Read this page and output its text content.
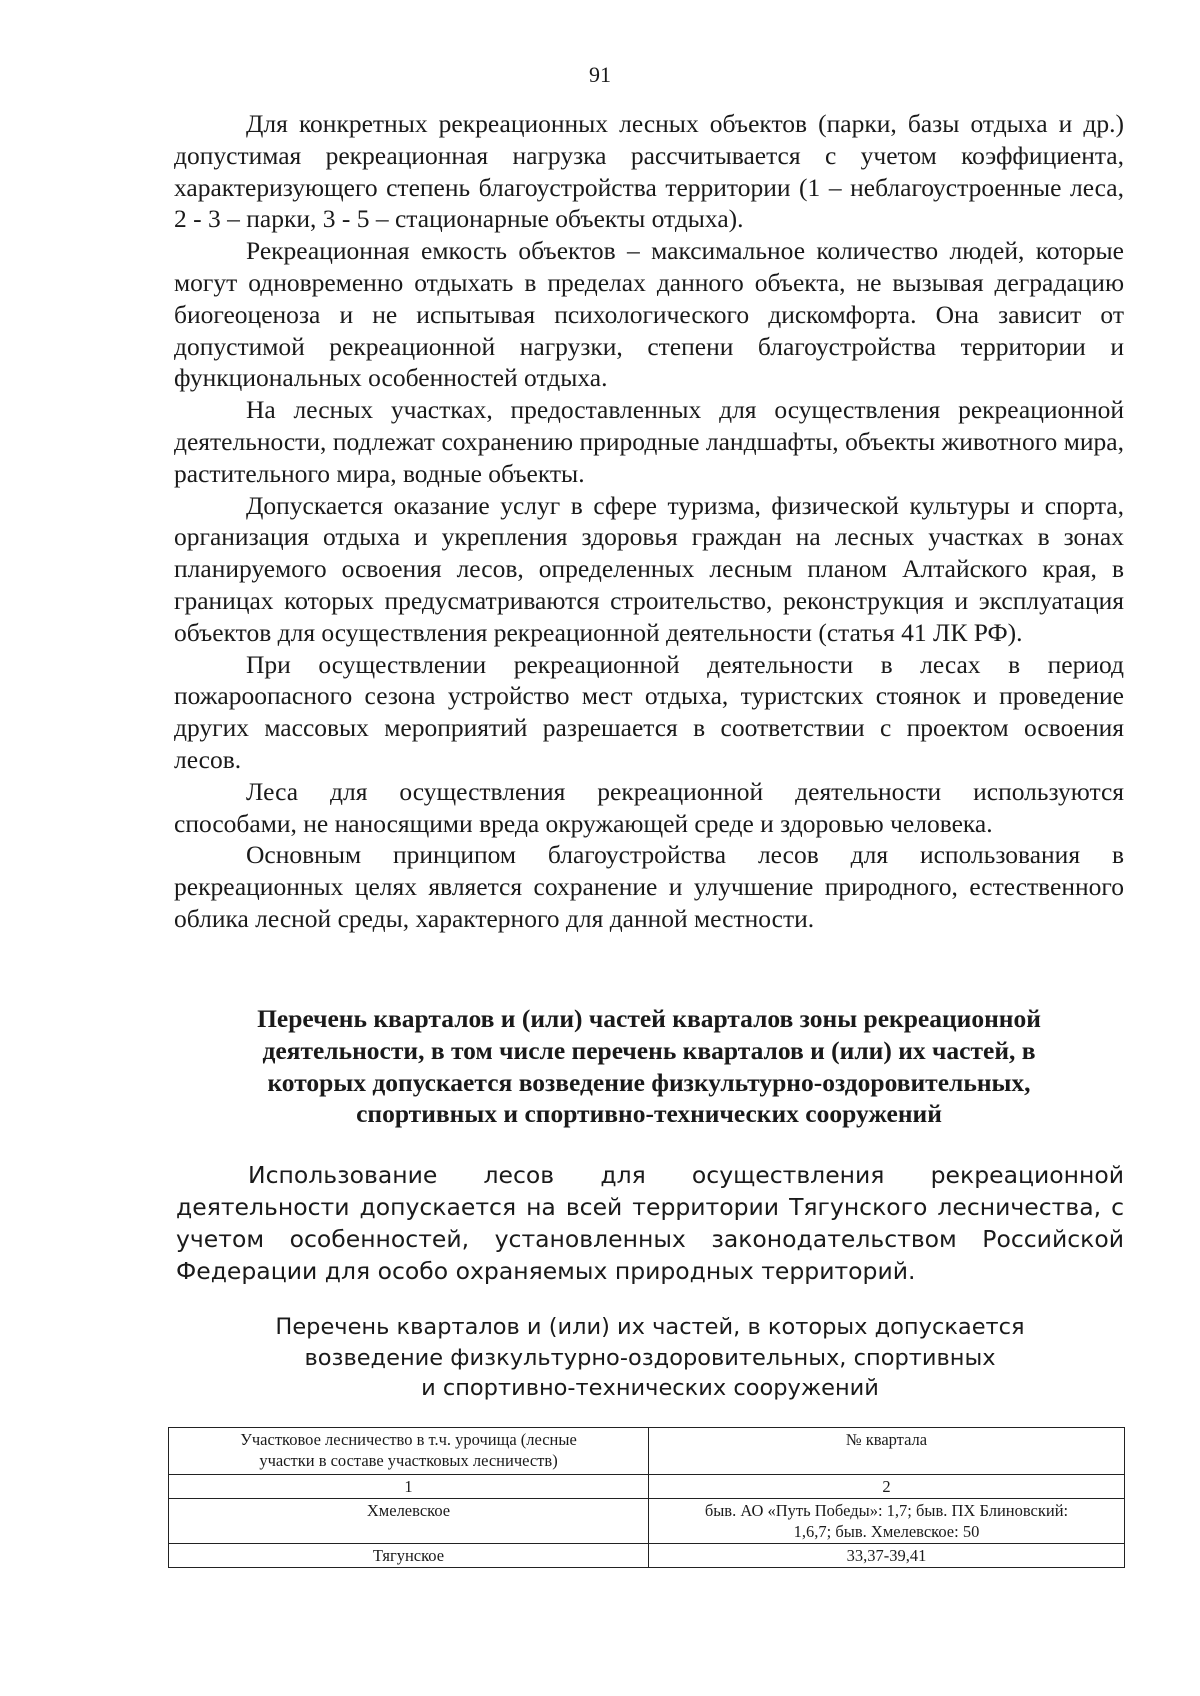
91

Для конкретных рекреационных лесных объектов (парки, базы отдыха и др.) допустимая рекреационная нагрузка рассчитывается с учетом коэффициента, характеризующего степень благоустройства территории (1 – неблагоустроенные леса, 2 - 3 – парки, 3 - 5 – стационарные объекты отдыха).

Рекреационная емкость объектов – максимальное количество людей, которые могут одновременно отдыхать в пределах данного объекта, не вызывая деградацию биогеоценоза и не испытывая психологического дискомфорта. Она зависит от допустимой рекреационной нагрузки, степени благоустройства территории и функциональных особенностей отдыха.

На лесных участках, предоставленных для осуществления рекреационной деятельности, подлежат сохранению природные ландшафты, объекты животного мира, растительного мира, водные объекты.

Допускается оказание услуг в сфере туризма, физической культуры и спорта, организация отдыха и укрепления здоровья граждан на лесных участках в зонах планируемого освоения лесов, определенных лесным планом Алтайского края, в границах которых предусматриваются строительство, реконструкция и эксплуатация объектов для осуществления рекреационной деятельности (статья 41 ЛК РФ).

При осуществлении рекреационной деятельности в лесах в период пожароопасного сезона устройство мест отдыха, туристских стоянок и проведение других массовых мероприятий разрешается в соответствии с проектом освоения лесов.

Леса для осуществления рекреационной деятельности используются способами, не наносящими вреда окружающей среде и здоровью человека.

Основным принципом благоустройства лесов для использования в рекреационных целях является сохранение и улучшение природного, естественного облика лесной среды, характерного для данной местности.

Перечень кварталов и (или) частей кварталов зоны рекреационной
деятельности, в том числе перечень кварталов и (или) их частей, в
которых допускается возведение физкультурно-оздоровительных,
спортивных и спортивно-технических сооружений

Использование лесов для осуществления рекреационной деятельности допускается на всей территории Тягунского лесничества, с учетом особенностей, установленных законодательством Российской Федерации для особо охраняемых природных территорий.

Перечень кварталов и (или) их частей, в которых допускается
возведение физкультурно-оздоровительных, спортивных
и спортивно-технических сооружений
Участковое лесничество в т.ч. урочища (лесные
участки в составе участковых лесничеств)	№ квартала

1	2
Хмелевское	быв. АО «Путь Победы»: 1,7; быв. ПХ Блиновский:
1,6,7; быв. Хмелевское: 50

Тягунское	33,37-39,41
